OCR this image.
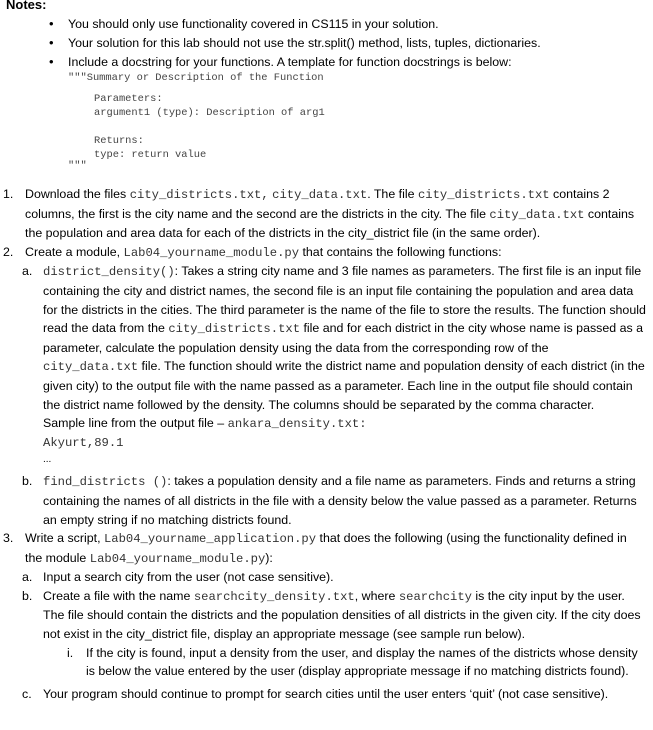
Notes:
• You should only use functionality covered in CS115 in your solution.
• Your solution for this lab should not use the str.split() method, lists, tuples, dictionaries.
• Include a docstring for your functions. A template for function docstrings is below:
"""Summary or Description of the Function
Parameters:
argument1 (type): Description of arg1
Returns:
type: return value
"""
1. Download the files city_districts.txt, city_data.txt. The file city_districts.txt contains 2 columns, the first is the city name and the second are the districts in the city. The file city_data.txt contains the population and area data for each of the districts in the city_district file (in the same order).
2. Create a module, Lab04_yourname_module.py that contains the following functions:
a. district_density(): Takes a string city name and 3 file names as parameters. The first file is an input file containing the city and district names, the second file is an input file containing the population and area data for the districts in the cities. The third parameter is the name of the file to store the results. The function should read the data from the city_districts.txt file and for each district in the city whose name is passed as a parameter, calculate the population density using the data from the corresponding row of the city_data.txt file. The function should write the district name and population density of each district (in the given city) to the output file with the name passed as a parameter. Each line in the output file should contain the district name followed by the density. The columns should be separated by the comma character.
Sample line from the output file – ankara_density.txt:
Akyurt,89.1
...
b. find_districts (): takes a population density and a file name as parameters. Finds and returns a string containing the names of all districts in the file with a density below the value passed as a parameter. Returns an empty string if no matching districts found.
3. Write a script, Lab04_yourname_application.py that does the following (using the functionality defined in the module Lab04_yourname_module.py):
a. Input a search city from the user (not case sensitive).
b. Create a file with the name searchcity_density.txt, where searchcity is the city input by the user. The file should contain the districts and the population densities of all districts in the given city. If the city does not exist in the city_district file, display an appropriate message (see sample run below).
i. If the city is found, input a density from the user, and display the names of the districts whose density is below the value entered by the user (display appropriate message if no matching districts found).
c. Your program should continue to prompt for search cities until the user enters ‘quit’ (not case sensitive).
